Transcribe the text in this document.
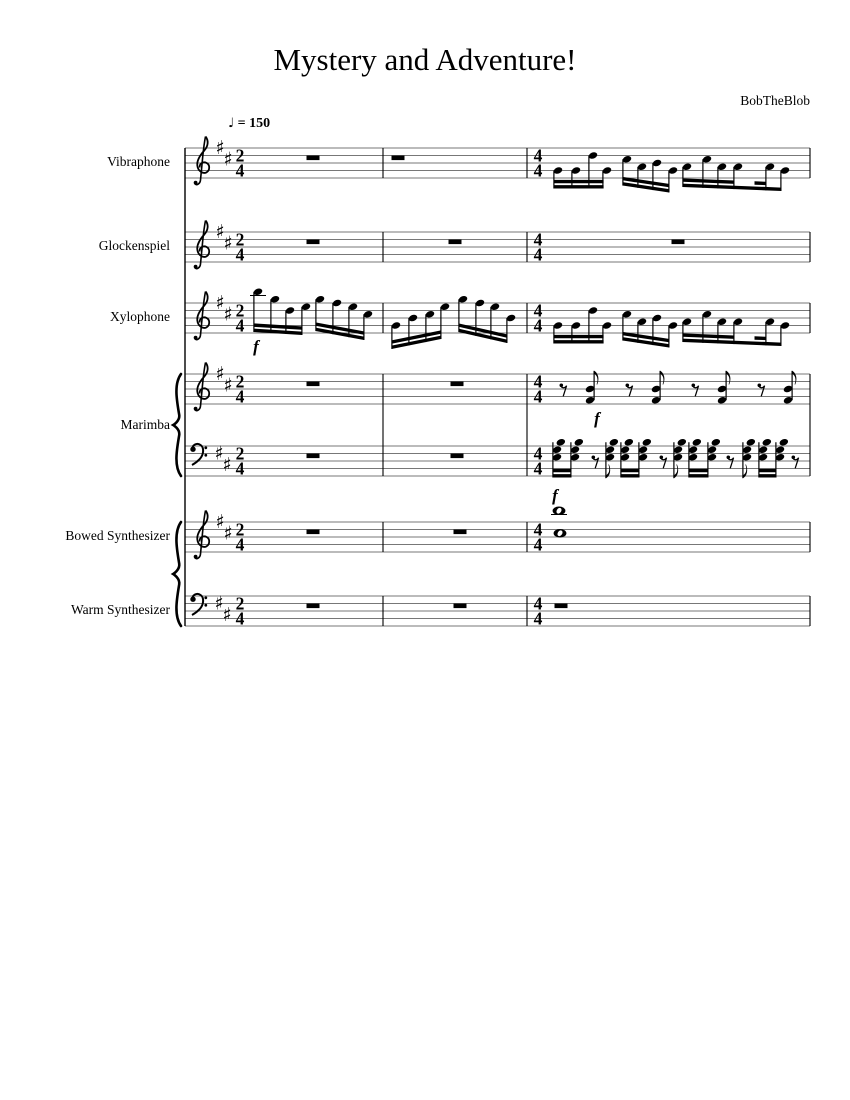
♯
♯ 2
4
4
4
♯
♯ 2
4
4
4
♯
♯ 2
4
4
4
♯
♯ 2
4
4
4
♯
♯
2
4
4
4
♯
♯ 2
4
4
4
♯
♯
2
4
4
4
f
f
f
Mystery and Adventure!
BobTheBlob
♩ = 150
Vibraphone
Glockenspiel
Xylophone
Marimba
Bowed Synthesizer
Warm Synthesizer
